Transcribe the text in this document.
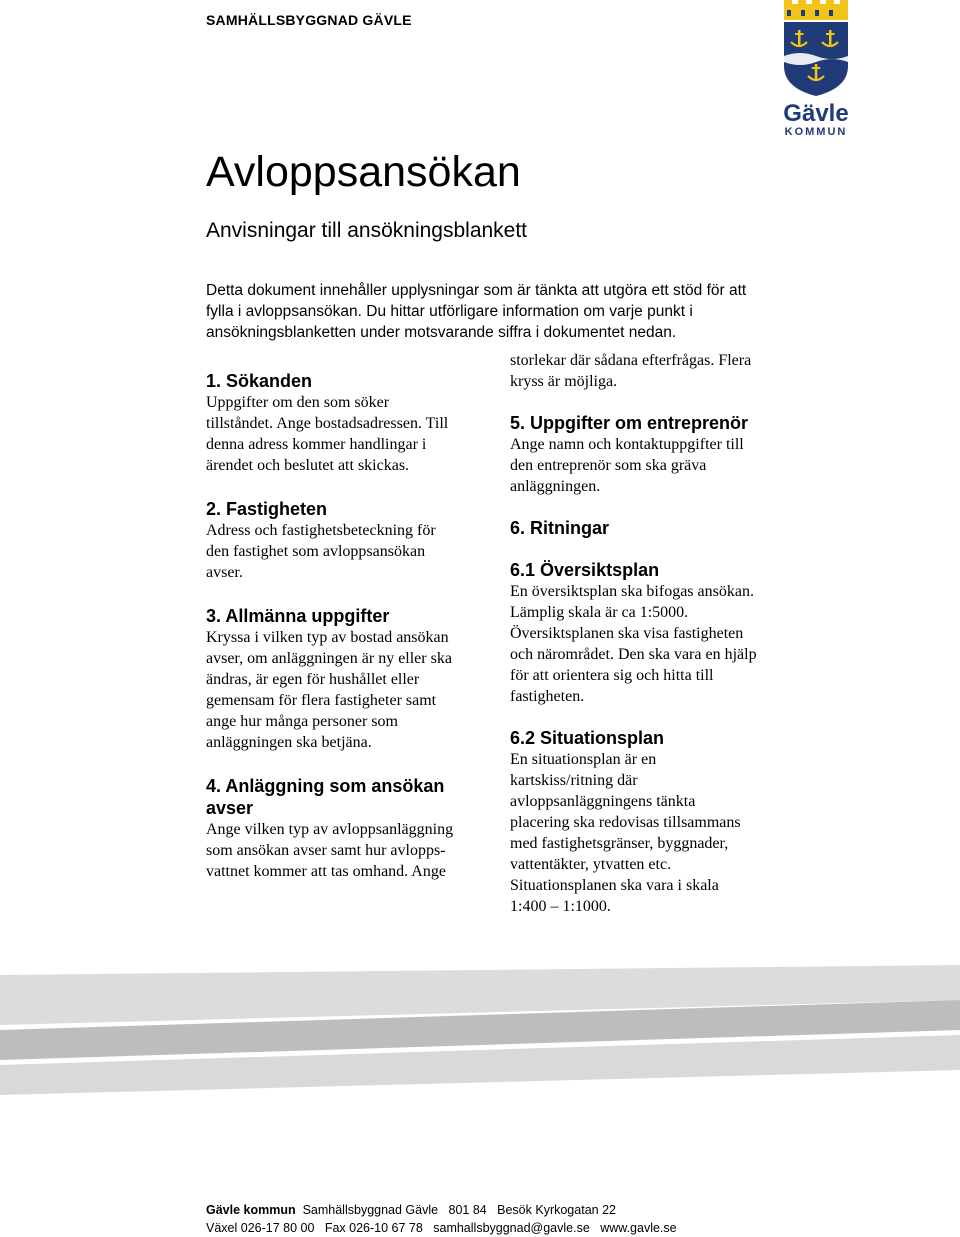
SAMHÄLLSBYGGNAD GÄVLE
Gävle
KOMMUN
Avloppsansökan
Anvisningar till ansökningsblankett

Detta dokument innehåller upplysningar som är tänkta att utgöra ett stöd för att
fylla i avloppsansökan. Du hittar utförligare information om varje punkt i
ansökningsblanketten under motsvarande siffra i dokumentet nedan.

1. Sökanden

Uppgifter om den som söker
tillståndet. Ange bostadsadressen. Till
denna adress kommer handlingar i
ärendet och beslutet att skickas.

2. Fastigheten

Adress och fastighetsbeteckning för
den fastighet som avloppsansökan
avser.

3. Allmänna uppgifter

Kryssa i vilken typ av bostad ansökan
avser, om anläggningen är ny eller ska
ändras, är egen för hushållet eller
gemensam för flera fastigheter samt
ange hur många personer som
anläggningen ska betjäna.

4. Anläggning som ansökan
avser

Ange vilken typ av avloppsanläggning
som ansökan avser samt hur avlopps-
vattnet kommer att tas omhand. Ange

storlekar där sådana efterfrågas. Flera
kryss är möjliga.

5. Uppgifter om entreprenör

Ange namn och kontaktuppgifter till
den entreprenör som ska gräva
anläggningen.

6. Ritningar
6.1 Översiktsplan

En översiktsplan ska bifogas ansökan.
Lämplig skala är ca 1:5000.
Översiktsplanen ska visa fastigheten
och närområdet. Den ska vara en hjälp
för att orientera sig och hitta till
fastigheten.

6.2 Situationsplan

En situationsplan är en
kartskiss/ritning där
avloppsanläggningens tänkta
placering ska redovisas tillsammans
med fastighetsgränser, byggnader,
vattentäkter, ytvatten etc.
Situationsplanen ska vara i skala
1:400 – 1:1000.

Gävle kommun Samhällsbyggnad Gävle   801 84   Besök Kyrkogatan 22
Växel 026-17 80 00   Fax 026-10 67 78   samhallsbyggnad@gavle.se   www.gavle.se
